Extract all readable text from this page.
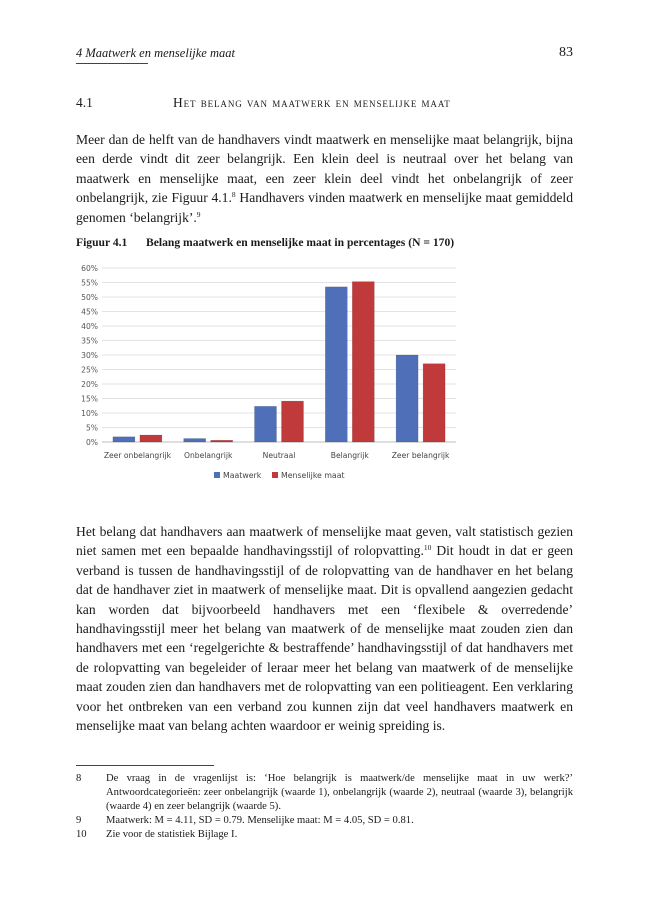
4 Maatwerk en menselijke maat	83
4.1	Het belang van maatwerk en menselijke maat

Meer dan de helft van de handhavers vindt maatwerk en menselijke maat belangrijk, bijna een derde vindt dit zeer belangrijk. Een klein deel is neutraal over het belang van maatwerk en menselijke maat, een zeer klein deel vindt het onbelangrijk of zeer onbelangrijk, zie Figuur 4.1.$^8$ Handhavers vinden maatwerk en menselijke maat gemiddeld genomen ‘belangrijk’.$^9$

Figuur 4.1 Belang maatwerk en menselijke maat in percentages (N = 170)
0%
5%
10%
15%
20%
25%
30%
35%
40%
45%
50%
55%
60%
Zeer onbelangrijk Onbelangrijk	Neutraal	Belangrijk	Zeer belangrijk
Maatwerk	Menselijke maat

Het belang dat handhavers aan maatwerk of menselijke maat geven, valt statistisch gezien niet samen met een bepaalde handhavingsstijl of rolopvatting.$^{10}$ Dit houdt in dat er geen verband is tussen de handhavingsstijl of de rolopvatting van de handhaver en het belang dat de handhaver ziet in maatwerk of menselijke maat. Dit is opvallend aangezien gedacht kan worden dat bijvoorbeeld handhavers met een ‘flexibele & overredende’ handhavingsstijl meer het belang van maatwerk of de menselijke maat zouden zien dan handhavers met een ‘regelgerichte & bestraffende’ handhavingsstijl of dat handhavers met de rolopvatting van begeleider of leraar meer het belang van maatwerk of de menselijke maat zouden zien dan handhavers met de rolopvatting van een politieagent. Een verklaring voor het ontbreken van een verband zou kunnen zijn dat veel handhavers maatwerk en menselijke maat van belang achten waardoor er weinig spreiding is.

8 De vraag in de vragenlijst is: ‘Hoe belangrijk is maatwerk/de menselijke maat in uw werk?’ Antwoordcategorieën: zeer onbelangrijk (waarde 1), onbelangrijk (waarde 2), neutraal (waarde 3), belangrijk (waarde 4) en zeer belangrijk (waarde 5).
9 Maatwerk: M = 4.11, SD = 0.79. Menselijke maat: M = 4.05, SD = 0.81.
10 Zie voor de statistiek Bijlage I.
